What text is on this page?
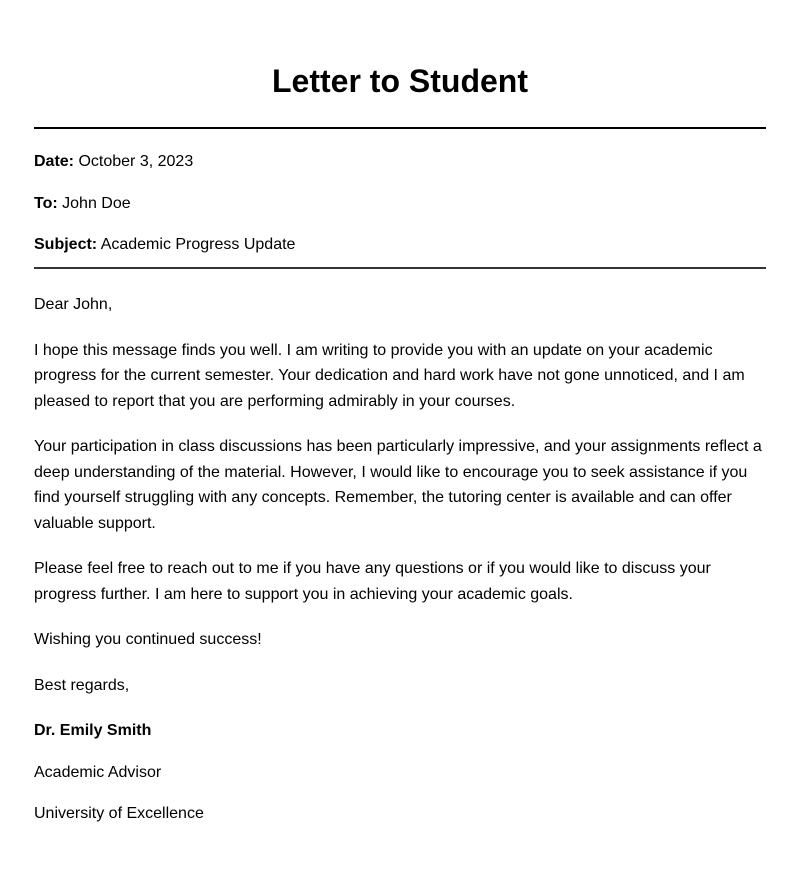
Letter to Student
Date: October 3, 2023
To: John Doe
Subject: Academic Progress Update

Dear John,

I hope this message finds you well. I am writing to provide you with an update on your academic progress for the current semester. Your dedication and hard work have not gone unnoticed, and I am pleased to report that you are performing admirably in your courses.

Your participation in class discussions has been particularly impressive, and your assignments reflect a deep understanding of the material. However, I would like to encourage you to seek assistance if you find yourself struggling with any concepts. Remember, the tutoring center is available and can offer valuable support.

Please feel free to reach out to me if you have any questions or if you would like to discuss your progress further. I am here to support you in achieving your academic goals.

Wishing you continued success!

Best regards,

Dr. Emily Smith

Academic Advisor

University of Excellence
